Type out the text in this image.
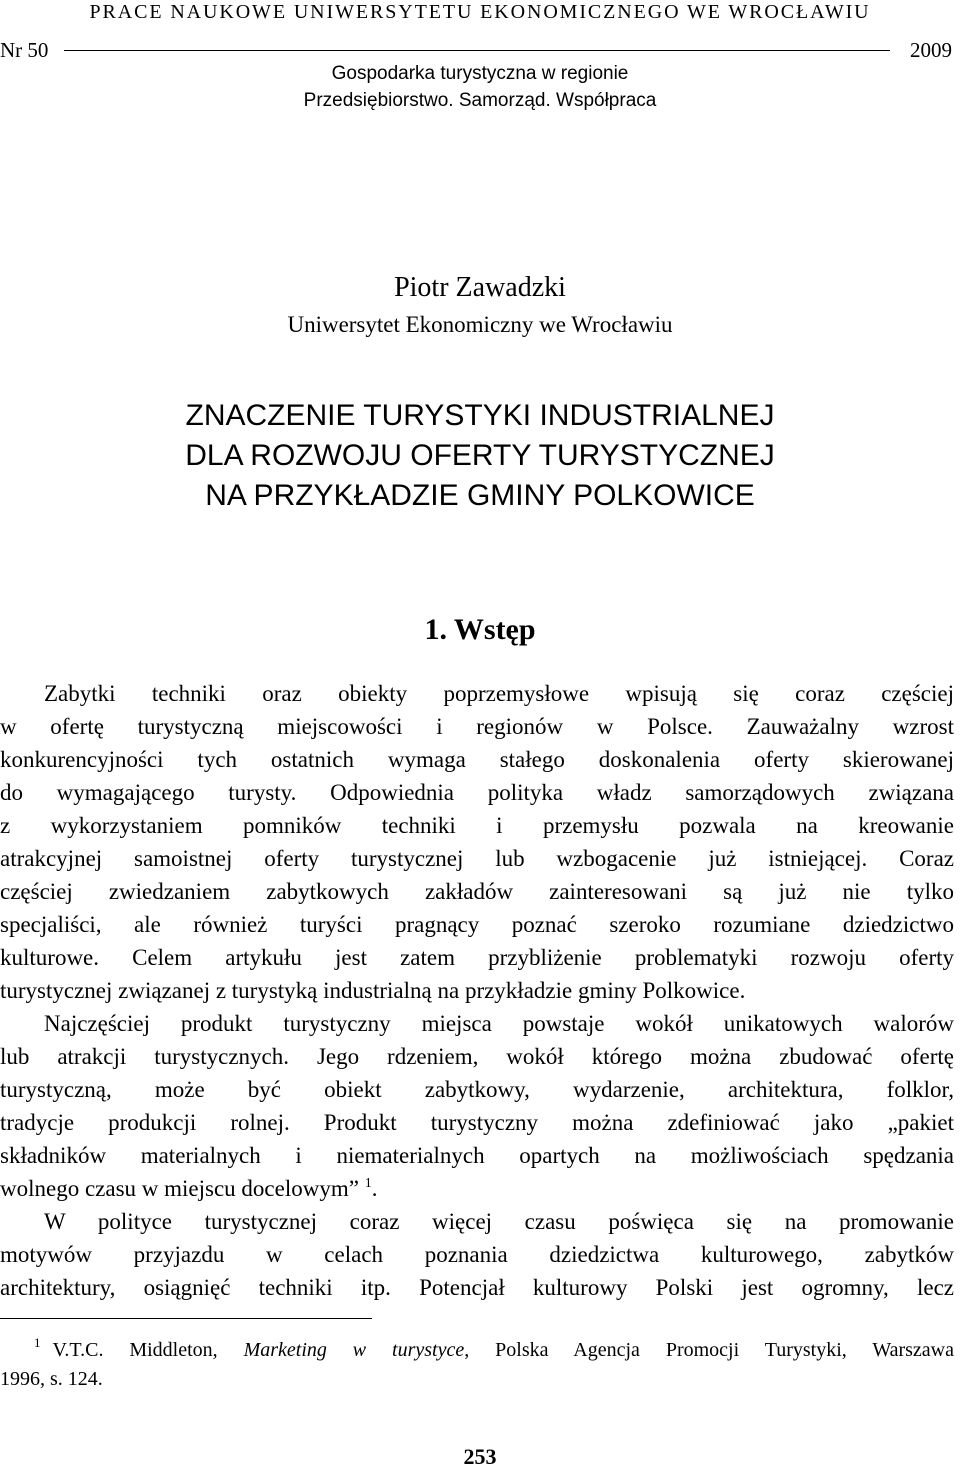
PRACE NAUKOWE UNIWERSYTETU EKONOMICZNEGO WE WROCŁAWIU
Nr 50	2009
Gospodarka turystyczna w regionie
Przedsiębiorstwo. Samorząd. Współpraca
Piotr Zawadzki
Uniwersytet Ekonomiczny we Wrocławiu
ZNACZENIE TURYSTYKI INDUSTRIALNEJ
DLA ROZWOJU OFERTY TURYSTYCZNEJ
NA PRZYKŁADZIE GMINY POLKOWICE
1. Wstęp
Zabytki techniki oraz obiekty poprzemysłowe wpisują się coraz częściej
w ofertę turystyczną miejscowości i regionów w Polsce. Zauważalny wzrost
konkurencyjności tych ostatnich wymaga stałego doskonalenia oferty skierowanej
do wymagającego turysty. Odpowiednia polityka władz samorządowych związana
z wykorzystaniem pomników techniki i przemysłu pozwala na kreowanie
atrakcyjnej samoistnej oferty turystycznej lub wzbogacenie już istniejącej. Coraz
częściej zwiedzaniem zabytkowych zakładów zainteresowani są już nie tylko
specjaliści, ale również turyści pragnący poznać szeroko rozumiane dziedzictwo
kulturowe. Celem artykułu jest zatem przybliżenie problematyki rozwoju oferty
turystycznej związanej z turystyką industrialną na przykładzie gminy Polkowice.
Najczęściej produkt turystyczny miejsca powstaje wokół unikatowych walorów
lub atrakcji turystycznych. Jego rdzeniem, wokół którego można zbudować ofertę
turystyczną, może być obiekt zabytkowy, wydarzenie, architektura, folklor,
tradycje produkcji rolnej. Produkt turystyczny można zdefiniować jako „pakiet
składników materialnych i niematerialnych opartych na możliwościach spędzania
wolnego czasu w miejscu docelowym” $^1$.
W polityce turystycznej coraz więcej czasu poświęca się na promowanie
motywów przyjazdu w celach poznania dziedzictwa kulturowego, zabytków
architektury, osiągnięć techniki itp. Potencjał kulturowy Polski jest ogromny, lecz
$^1$ V.T.C. Middleton, Marketing w turystyce, Polska Agencja Promocji Turystyki, Warszawa
1996, s. 124.
253
